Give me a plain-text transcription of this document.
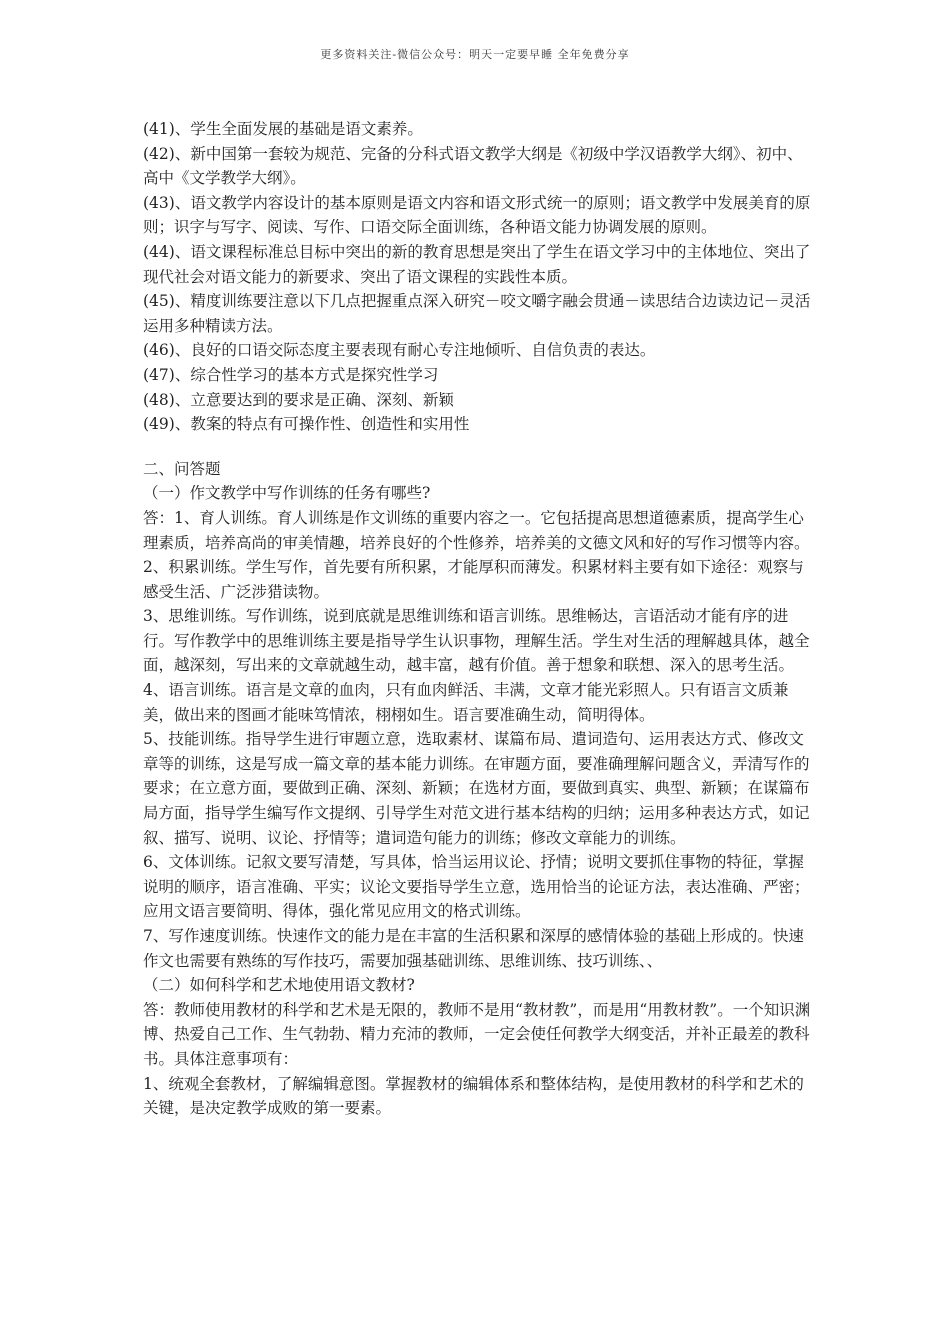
更多资料关注-微信公众号：明天一定要早睡 全年免费分享

(41)、学生全面发展的基础是语文素养。

(42)、新中国第一套较为规范、完备的分科式语文教学大纲是《初级中学汉语教学大纲》、初中、高中《文学教学大纲》。

(43)、语文教学内容设计的基本原则是语文内容和语文形式统一的原则；语文教学中发展美育的原则；识字与写字、阅读、写作、口语交际全面训练，各种语文能力协调发展的原则。

(44)、语文课程标准总目标中突出的新的教育思想是突出了学生在语文学习中的主体地位、突出了现代社会对语文能力的新要求、突出了语文课程的实践性本质。

(45)、精度训练要注意以下几点把握重点深入研究－咬文嚼字融会贯通－读思结合边读边记－灵活运用多种精读方法。

(46)、良好的口语交际态度主要表现有耐心专注地倾听、自信负责的表达。

(47)、综合性学习的基本方式是探究性学习

(48)、立意要达到的要求是正确、深刻、新颖

(49)、教案的特点有可操作性、创造性和实用性

二、问答题

（一）作文教学中写作训练的任务有哪些?

答：1、育人训练。育人训练是作文训练的重要内容之一。它包括提高思想道德素质，提高学生心理素质，培养高尚的审美情趣，培养良好的个性修养，培养美的文德文风和好的写作习惯等内容。

2、积累训练。学生写作，首先要有所积累，才能厚积而薄发。积累材料主要有如下途径：观察与感受生活、广泛涉猎读物。

3、思维训练。写作训练，说到底就是思维训练和语言训练。思维畅达，言语活动才能有序的进行。写作教学中的思维训练主要是指导学生认识事物，理解生活。学生对生活的理解越具体，越全面，越深刻，写出来的文章就越生动，越丰富，越有价值。善于想象和联想、深入的思考生活。

4、语言训练。语言是文章的血肉，只有血肉鲜活、丰满，文章才能光彩照人。只有语言文质兼美，做出来的图画才能味笃情浓，栩栩如生。语言要准确生动，简明得体。

5、技能训练。指导学生进行审题立意，选取素材、谋篇布局、遣词造句、运用表达方式、修改文章等的训练，这是写成一篇文章的基本能力训练。在审题方面，要准确理解问题含义，弄清写作的要求；在立意方面，要做到正确、深刻、新颖；在选材方面，要做到真实、典型、新颖；在谋篇布局方面，指导学生编写作文提纲、引导学生对范文进行基本结构的归纳；运用多种表达方式，如记叙、描写、说明、议论、抒情等；遣词造句能力的训练；修改文章能力的训练。

6、文体训练。记叙文要写清楚，写具体，恰当运用议论、抒情；说明文要抓住事物的特征，掌握说明的顺序，语言准确、平实；议论文要指导学生立意，选用恰当的论证方法，表达准确、严密；应用文语言要简明、得体，强化常见应用文的格式训练。

7、写作速度训练。快速作文的能力是在丰富的生活积累和深厚的感情体验的基础上形成的。快速作文也需要有熟练的写作技巧，需要加强基础训练、思维训练、技巧训练、、

（二）如何科学和艺术地使用语文教材?

答：教师使用教材的科学和艺术是无限的，教师不是用“教材教”，而是用“用教材教”。一个知识渊博、热爱自己工作、生气勃勃、精力充沛的教师，一定会使任何教学大纲变活，并补正最差的教科书。具体注意事项有：

1、统观全套教材，了解编辑意图。掌握教材的编辑体系和整体结构，是使用教材的科学和艺术的关键，是决定教学成败的第一要素。
